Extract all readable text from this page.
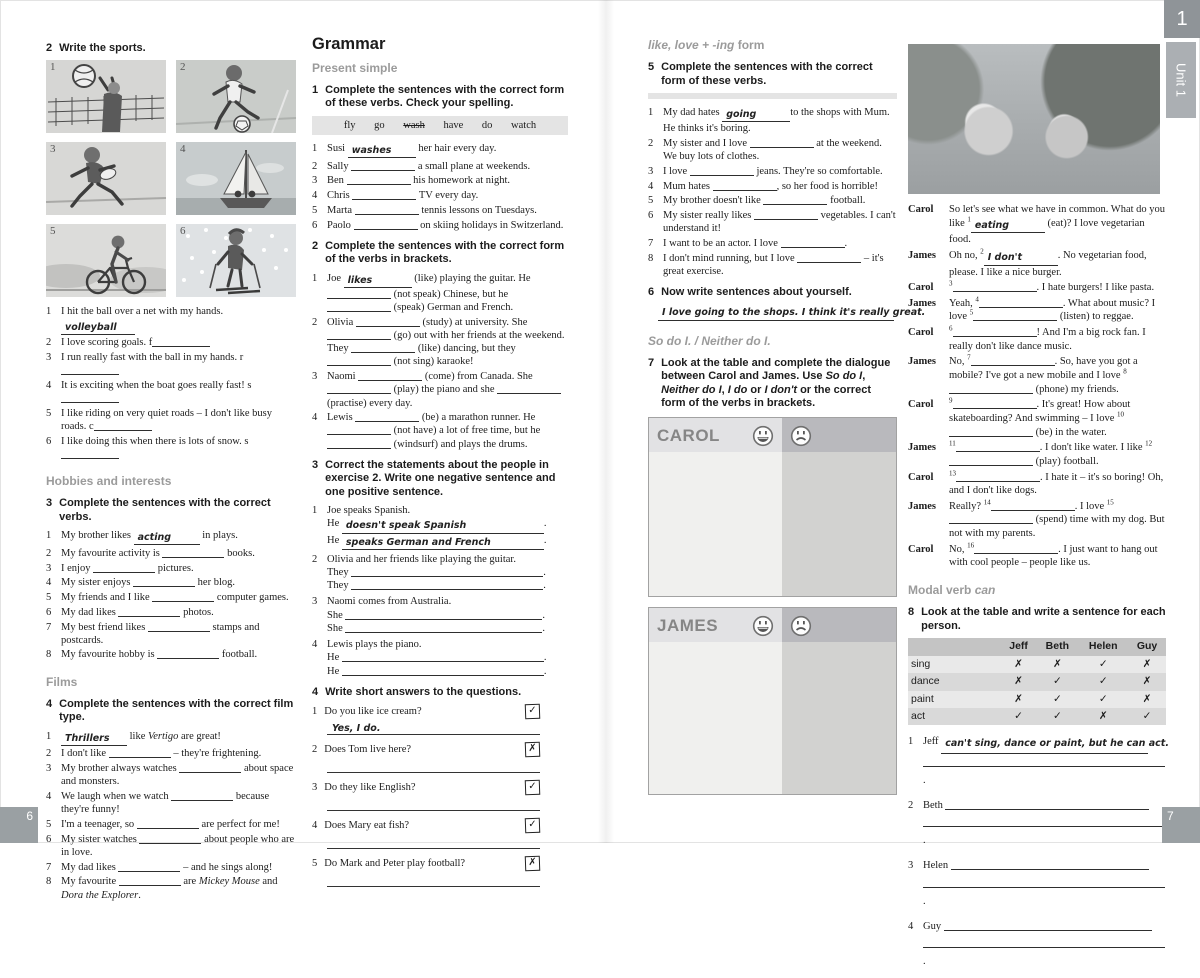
2 Write the sports.
1	2
3	4
5	6
1 I hit the ball over a net with my hands. volleyball
2 I love scoring goals. f
3 I run really fast with the ball in my hands. r
4 It is exciting when the boat goes really fast! s
5 I like riding on very quiet roads – I don't like busy roads. c
6 I like doing this when there is lots of snow. s
Hobbies and interests
3 Complete the sentences with the correct verbs.
1 My brother likes acting	in plays.
2 My favourite activity is	books.
3 I enjoy	pictures.
4 My sister enjoys	her blog.
5 My friends and I like	computer games.
6 My dad likes	photos.
7 My best friend likes	stamps and postcards.
8 My favourite hobby is	football.
Films
4 Complete the sentences with the correct film type.
1	Thrillers like Vertigo are great!
2 I don't like	– they're frightening.
3 My brother always watches	about space and monsters.
4 We laugh when we watch	because they're funny!
5 I'm a teenager, so	are perfect for me!
6 My sister watches	about people who are in love.
7 My dad likes	– and he sings along!
8 My favourite	are Mickey Mouse and Dora the Explorer.
Grammar
Present simple
1 Complete the sentences with the correct form of these verbs. Check your spelling.
fly go wash have do watch
1 Susi washes her hair every day.
2 Sally	a small plane at weekends.
3 Ben	his homework at night.
4 Chris	TV every day.
5 Marta	tennis lessons on Tuesdays.
6 Paolo	on skiing holidays in Switzerland.
2 Complete the sentences with the correct form of the verbs in brackets.
1 Joe likes	(like) playing the guitar. He  (not speak) Chinese, but he  (speak) German and French.
2 Olivia	(study) at university. She  (go) out with her friends at the weekend. They	(like) dancing, but they  (not sing) karaoke!
3 Naomi	(come) from Canada. She  (play) the piano and she  (practise) every day.
4 Lewis	(be) a marathon runner. He  (not have) a lot of free time, but he  (windsurf) and plays the drums.
3 Correct the statements about the people in exercise 2. Write one negative sentence and one positive sentence.
1 Joe speaks Spanish.
He doesn't speak Spanish	.
He speaks German and French	.
2 Olivia and her friends like playing the guitar.
They	.
They	.
3 Naomi comes from Australia.
She	.
She	.
4 Lewis plays the piano.
He	.
He	.
4 Write short answers to the questions.
1 Do you like ice cream?	✓
Yes, I do.
2 Does Tom live here?	✗
3 Do they like English?	✓
4 Does Mary eat fish?	✓
5 Do Mark and Peter play football?	✗
like, love + -ing form
5 Complete the sentences with the correct form of these verbs.
1 My dad hates going	to the shops with Mum. He thinks it's boring.
2 My sister and I love	at the weekend. We buy lots of clothes.
3 I love	jeans. They're so comfortable.
4 Mum hates	, so her food is horrible!
5 My brother doesn't like	football.
6 My sister really likes	vegetables. I can't understand it!
7 I want to be an actor. I love	.
8 I don't mind running, but I love	– it's great exercise.
6 Now write sentences about yourself.
I love going to the shops. I think it's really great.
So do I. / Neither do I.
7 Look at the table and complete the dialogue between Carol and James. Use So do I, Neither do I, I do or I don't or the correct form of the verbs in brackets.
CAROL
JAMES
Carol	So let's see what we have in common. What do you like $^1$eating	(eat)? I love vegetarian food.
James	Oh no, $^2$I don't	. No vegetarian food, please. I like a nice burger.
Carol	$^3$	. I hate burgers! I like pasta.
James	Yeah, $^4$	. What about music? I love $^5$	(listen) to reggae.
Carol	$^6$	! And I'm a big rock fan. I really don't like dance music.
James	No, $^7$	. So, have you got a mobile? I've got a new mobile and I love $^8$ (phone) my friends.
Carol	$^9$	. It's great! How about skateboarding? And swimming – I love $^{10}$ (be) in the water.
James	$^{11}$	. I don't like water. I like $^{12}$ (play) football.
Carol	$^{13}$	. I hate it – it's so boring! Oh, and I don't like dogs.
James	Really? $^{14}$	. I love $^{15}$ (spend) time with my dog. But not with my parents.
Carol	No, $^{16}$	. I just want to hang out with cool people – people like us.
Modal verb can
8 Look at the table and write a sentence for each person.
	Jeff	Beth	Helen	Guy
sing	✗	✗	✓	✗
dance	✗	✓	✓	✗
paint	✗	✓	✓	✗
act	✓	✓	✗	✓
1 Jeff can't sing, dance or paint, but he can act.
.
2 Beth
.
3 Helen
.
4 Guy
.
1
Unit 1
6	7
